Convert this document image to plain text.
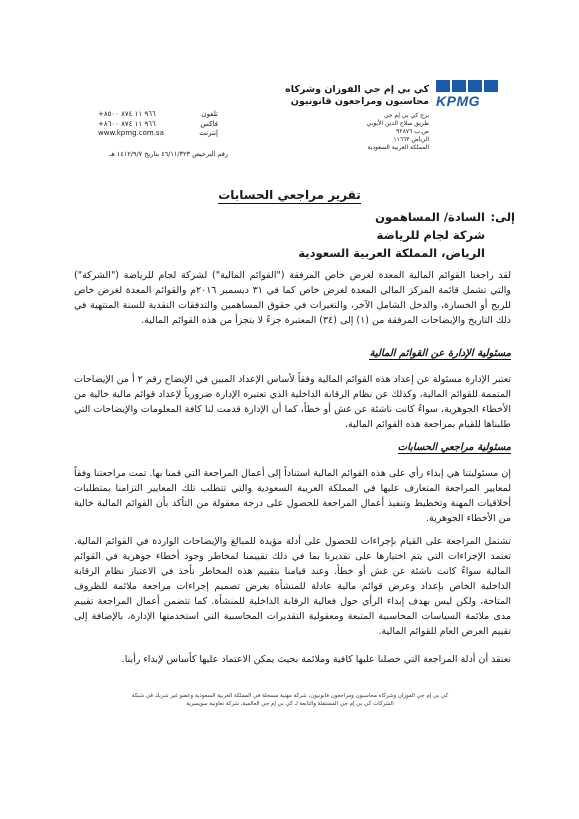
KPMG
كي بي إم جي الفوزان وشركاه
محاسبون ومراجعون قانونيون
برج كي بي إم جي
طريق صلاح الدين الأيوبي
ص.ب ٩٢٨٧٦
الرياض ١١٦٦٣
المملكة العربية السعودية
+٩٦٦ ١١ ٨٧٤ ٨٥٠٠	تلفون
+٩٦٦ ١١ ٨٧٤ ٨٦٠٠	فاكس
www.kpmg.com.sa	إنترنت
رقم الترخيص ٤٦/١١/٣٢٣ بتاريخ ١٤١٢/٩/٧ هـ
تقرير مراجعي الحسابات
إلى:
السادة/ المساهمون
شركة لجام للرياضة
الرياض، المملكة العربية السعودية
لقد راجعنا القوائم المالية المعدة لغرض خاص المرفقة ("القوائم المالية") لشركة لجام للرياضة ("الشركة") والتي تشمل قائمة المركز المالي المعدة لغرض خاص كما في ٣١ ديسمبر ٢٠١٦م والقوائم المعدة لغرض خاص للربح أو الخسارة، والدخل الشامل الآخر، والتغيرات في حقوق المساهمين والتدفقات النقدية للسنة المنتهية في ذلك التاريخ والإيضاحات المرفقة من (١) إلى (٣٤) المعتبرة جزءً لا يتجزأ من هذه القوائم المالية.
مسئولية الإدارة عن القوائم المالية
تعتبر الإدارة مسئولة عن إعداد هذه القوائم المالية وفقاً لأساس الإعداد المبين في الإيضاح رقم ٢ أ من الإيضاحات المتممة للقوائم المالية، وكذلك عن نظام الرقابة الداخلية الذي تعتبره الإدارة ضرورياً لإعداد قوائم مالية خالية من الأخطاء الجوهرية، سواءً كانت ناشئة عن غش أو خطأ، كما أن الإدارة قدمت لنا كافة المعلومات والإيضاحات التي طلبناها للقيام بمراجعة هذه القوائم المالية.
مسئولية مراجعي الحسابات
إن مسئوليتنا هي إبداء رأي على هذه القوائم المالية استناداً إلى أعمال المراجعة التي قمنا بها. تمت مراجعتنا وفقاً لمعايير المراجعة المتعارف عليها في المملكة العربية السعودية والتي تتطلب تلك المعايير التزامنا بمتطلبات أخلاقيات المهنة وتخطيط وتنفيذ أعمال المراجعة للحصول على درجة معقولة من التأكد بأن القوائم المالية خالية من الأخطاء الجوهرية.
تشتمل المراجعة على القيام بإجراءات للحصول على أدلة مؤيدة للمبالغ والإيضاحات الواردة في القوائم المالية. تعتمد الإجراءات التي يتم اختيارها على تقديرنا بما في ذلك تقييمنا لمخاطر وجود أخطاء جوهرية في القوائم المالية سواءً كانت ناشئة عن غش أو خطأ. وعند قيامنا بتقييم هذه المخاطر نأخذ في الاعتبار نظام الرقابة الداخلية الخاص بإعداد وعرض قوائم مالية عادلة للمنشأة بغرض تصميم إجراءات مراجعة ملائمة للظروف المتاحة، ولكن ليس بهدف إبداء الرأي حول فعالية الرقابة الداخلية للمنشأة. كما تتضمن أعمال المراجعة تقييم مدى ملائمة السياسات المحاسبية المتبعة ومعقولية التقديرات المحاسبية التي استخدمتها الإدارة، بالإضافة إلى تقييم العرض العام للقوائم المالية.
نعتقد أن أدلة المراجعة التي حصلنا عليها كافية وملائمة بحيث يمكن الاعتماد عليها كأساس لإبداء رأينا.
كي بي إم جي الفوزان وشركاه محاسبون ومراجعون قانونيون، شركة مهنية مسجلة في المملكة العربية السعودية وعضو غير شريك في شبكة الشركات كي بي إم جي المستقلة والتابعة لـ كي بي إم جي العالمية، شركة تعاونية سويسرية
